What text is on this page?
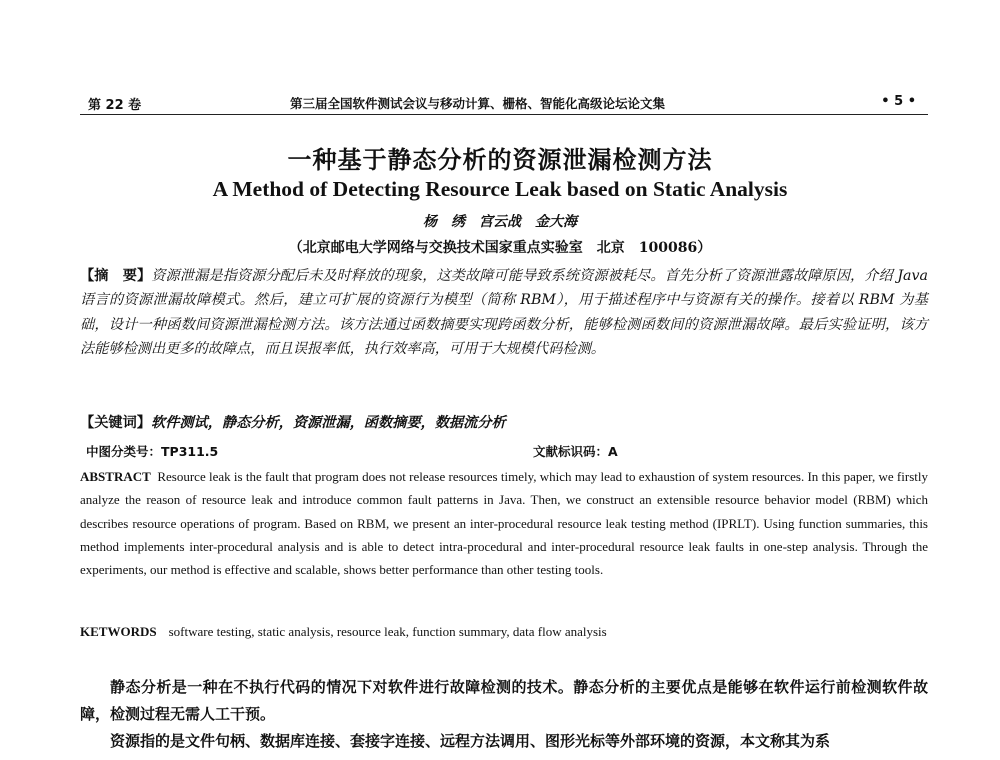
第 22 卷	第三届全国软件测试会议与移动计算、栅格、智能化高级论坛论文集	• 5 •
一种基于静态分析的资源泄漏检测方法
A Method of Detecting Resource Leak based on Static Analysis
杨　绣　宫云战　金大海
（北京邮电大学网络与交换技术国家重点实验室　北京　100086）
【摘　要】资源泄漏是指资源分配后未及时释放的现象，这类故障可能导致系统资源被耗尽。首先分析了资源泄露故障原因，介绍 Java 语言的资源泄漏故障模式。然后，建立可扩展的资源行为模型（简称 RBM），用于描述程序中与资源有关的操作。接着以 RBM 为基础，设计一种函数间资源泄漏检测方法。该方法通过函数摘要实现跨函数分析，能够检测函数间的资源泄漏故障。最后实验证明，该方法能够检测出更多的故障点，而且误报率低，执行效率高，可用于大规模代码检测。
【关键词】软件测试，静态分析，资源泄漏，函数摘要，数据流分析
中图分类号：TP311.5	文献标识码：A
ABSTRACT Resource leak is the fault that program does not release resources timely, which may lead to exhaustion of system resources. In this paper, we firstly analyze the reason of resource leak and introduce common fault patterns in Java. Then, we construct an extensible resource behavior model (RBM) which describes resource operations of program. Based on RBM, we present an inter-procedural resource leak testing method (IPRLT). Using function summaries, this method implements inter-procedural analysis and is able to detect intra-procedural and inter-procedural resource leak faults in one-step analysis. Through the experiments, our method is effective and scalable, shows better performance than other testing tools.
KETWORDS software testing, static analysis, resource leak, function summary, data flow analysis

静态分析是一种在不执行代码的情况下对软件进行故障检测的技术。静态分析的主要优点是能够在软件运行前检测软件故障，检测过程无需人工干预。

资源指的是文件句柄、数据库连接、套接字连接、远程方法调用、图形光标等外部环境的资源，本文称其为系
